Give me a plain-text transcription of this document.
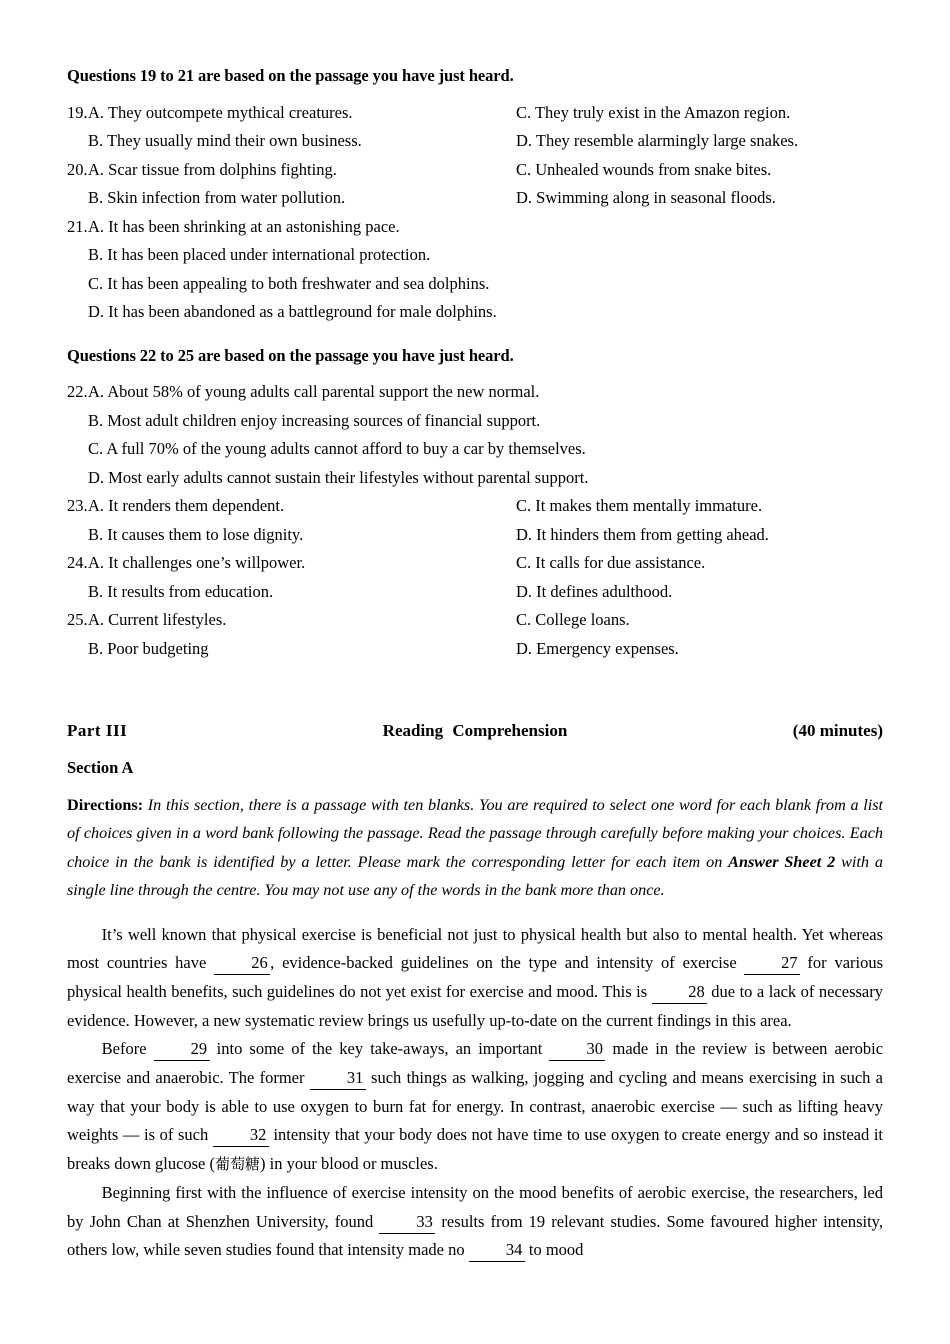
Questions 19 to 21 are based on the passage you have just heard.
19. A. They outcompete mythical creatures.	C. They truly exist in the Amazon region.
B. They usually mind their own business.	D. They resemble alarmingly large snakes.
20. A. Scar tissue from dolphins fighting.	C. Unhealed wounds from snake bites.
B. Skin infection from water pollution.	D. Swimming along in seasonal floods.
21. A. It has been shrinking at an astonishing pace.
B. It has been placed under international protection.
C. It has been appealing to both freshwater and sea dolphins.
D. It has been abandoned as a battleground for male dolphins.
Questions 22 to 25 are based on the passage you have just heard.
22. A. About 58% of young adults call parental support the new normal.
B. Most adult children enjoy increasing sources of financial support.
C. A full 70% of the young adults cannot afford to buy a car by themselves.
D. Most early adults cannot sustain their lifestyles without parental support.
23. A. It renders them dependent.	C. It makes them mentally immature.
B. It causes them to lose dignity.	D. It hinders them from getting ahead.
24. A. It challenges one’s willpower.	C. It calls for due assistance.
B. It results from education.	D. It defines adulthood.
25. A. Current lifestyles.	C. College loans.
B. Poor budgeting	D. Emergency expenses.
Part III	Reading Comprehension	(40 minutes)
Section A
Directions: In this section, there is a passage with ten blanks. You are required to select one word for each blank from a list of choices given in a word bank following the passage. Read the passage through carefully before making your choices. Each choice in the bank is identified by a letter. Please mark the corresponding letter for each item on Answer Sheet 2 with a single line through the centre. You may not use any of the words in the bank more than once.

It’s well known that physical exercise is beneficial not just to physical health but also to mental health. Yet whereas most countries have	26 , evidence-backed guidelines on the type and intensity of exercise	27 for various physical health benefits, such guidelines do not yet exist for exercise and mood. This is 28 due to a lack of necessary evidence. However, a new systematic review brings us usefully up-to-date on the current findings in this area.

Before	29 into some of the key take-aways, an important	30 made in the review is between aerobic exercise and anaerobic. The former	31 such things as walking, jogging and cycling and means exercising in such a way that your body is able to use oxygen to burn fat for energy. In contrast, anaerobic exercise — such as lifting heavy weights — is of such	32 intensity that your body does not have time to use oxygen to create energy and so instead it breaks down glucose (葡萄糖) in your blood or muscles.

Beginning first with the influence of exercise intensity on the mood benefits of aerobic exercise, the researchers, led by John Chan at Shenzhen University, found	33 results from 19 relevant studies. Some favoured higher intensity, others low, while seven studies found that intensity made no 34 to mood
